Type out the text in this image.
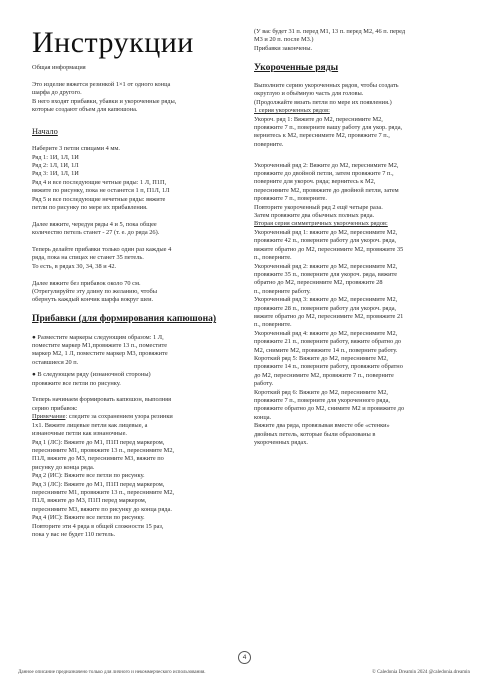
Инструкции

Общая информация

Это изделие вяжется резинкой 1×1 от одного конца

шарфа до другого.

В него входят прибавки, убавки и укороченные ряды,

которые создают объем для капюшона.

Начало

Наберите 3 петли спицами 4 мм.

Ряд 1: 1И, 1Л, 1И

Ряд 2: 1Л, 1И, 1Л

Ряд 3: 1И, 1Л, 1И

Ряд 4 и все последующие четные ряды: 1 Л, П1П,

вяжите по рисунку, пока не останется 1 п, П1Л, 1Л

Ряд 5 и все последующие нечетные ряды: вяжите

петли по рисунку по мере их прибавления.

Далее вяжите, чередуя ряды 4 и 5, пока общее

количество петель станет - 27 (т. е. до ряда 26).

Теперь делайте прибавки только один раз каждые 4

ряда, пока на спицах не станет 35 петель.

То есть, в рядах 30, 34, 38 и 42.

Далее вяжите без прибавок около 70 см.

(Отрегулируйте эту длину по желанию, чтобы

обернуть каждый кончик шарфа вокруг шеи.

Прибавки (для формирования капюшона)

● Разместите маркеры следующим образом: 1 Л,

поместите маркер М1,провяжите 13 п., поместите

маркер М2, 1 Л, поместите маркер М3, провяжите

оставшиеся 20 п.

● В следующем ряду (изнаночной стороны)

провяжите все петли по рисунку.

Теперь начинаем формировать капюшон, выполняя

серию прибавок:

Примечание: следите за сохранением узора резинки

1х1. Вяжите лицевые петли как лицевые, а

изнаночные петли как изнаночные.

Ряд 1 (ЛС): Вяжите до М1, П1П перед маркером,

переснимите М1, провяжите 13 п., переснимите М2,

П1Л, вяжите до М3, переснимите М3, вяжите по

рисунку до конца ряда.

Ряд 2 (ИС): Вяжите все петли по рисунку.

Ряд 3 (ЛС): Вяжите до М1, П1П перед маркером,

переснимите М1, провяжите 13 п., переснимите М2,

П1Л, вяжите до М3, П1П перед маркером,

переснимите М3, вяжите по рисунку до конца ряда.

Ряд 4 (ИС): Вяжите все петли по рисунку.

Повторите эти 4 ряда в общей сложности 15 раз,

пока у вас не будет 110 петель.

(У вас будет 31 п. перед М1, 13 п. перед М2, 46 п. перед

М3 и 20 п. после М3.)

Прибавки закончены.

Укороченные ряды

Выполните серию укороченных рядов, чтобы создать

округлую и объёмную часть для головы.

(Продолжайте вязать петли по мере их появления.)

1 серия укороченных рядов:

Укороч. ряд 1: Вяжите до М2, переснимите М2,

провяжите 7 п., поверните вашу работу для укор. ряда,

вернитесь к М2, переснимите М2, провяжите 7 п.,

поверните.

Укороченный ряд 2: Вяжите до М2, переснимите М2,

провяжите до двойной петли, затем провяжите 7 п.,

поверните для укороч. ряда; вернитесь к М2,

переснимите М2, провяжите до двойной петли, затем

провяжите 7 п., поверните.

Повторите укороченный ряд 2 ещё четыре раза.

Затем провяжите два обычных полных ряда.

Вторая серия симметричных укороченных рядов:

Укороченный ряд 1: вяжите до М2, переснимите М2,

провяжите 42 п., поверните работу для укороч. ряда,

вяжите обратно до М2, переснимите М2, провяжите 35

п., поверните.

Укороченный ряд 2: вяжите до М2, переснимите М2,

провяжите 35 п., поверните для укороч. ряда, вяжите

обратно до М2, переснимите М2, провяжите 28

п., поверните работу.

Укороченный ряд 3: вяжите до М2, переснимите М2,

провяжите 28 п., поверните работу для укороч. ряда,

вяжите обратно до М2, переснимите М2, провяжите 21

п., поверните.

Укороченный ряд 4: вяжите до М2, переснимите М2,

провяжите 21 п., поверните работу, вяжите обратно до

М2, снимите М2, провяжите 14 п., поверните работу.

Короткий ряд 5: Вяжите до М2, переснимите М2,

провяжите 14 п., поверните работу, провяжите обратно

до М2, переснимите М2, провяжите 7 п., поверните

работу.

Короткий ряд 6: Вяжите до М2, переснимите М2,

провяжите 7 п., поверните для укороченного ряда,

провяжите обратно до М2, снимите М2 и провяжите до

конца.

Вяжите два ряда, провязывая вместе обе «стенки»

двойных петель, которые были образованы в

укороченных рядах.

4
Данное описание предназначено только для личного и некоммерческого использования.	© Caledonia Dreamin 2024 @caledonia.dreamin
